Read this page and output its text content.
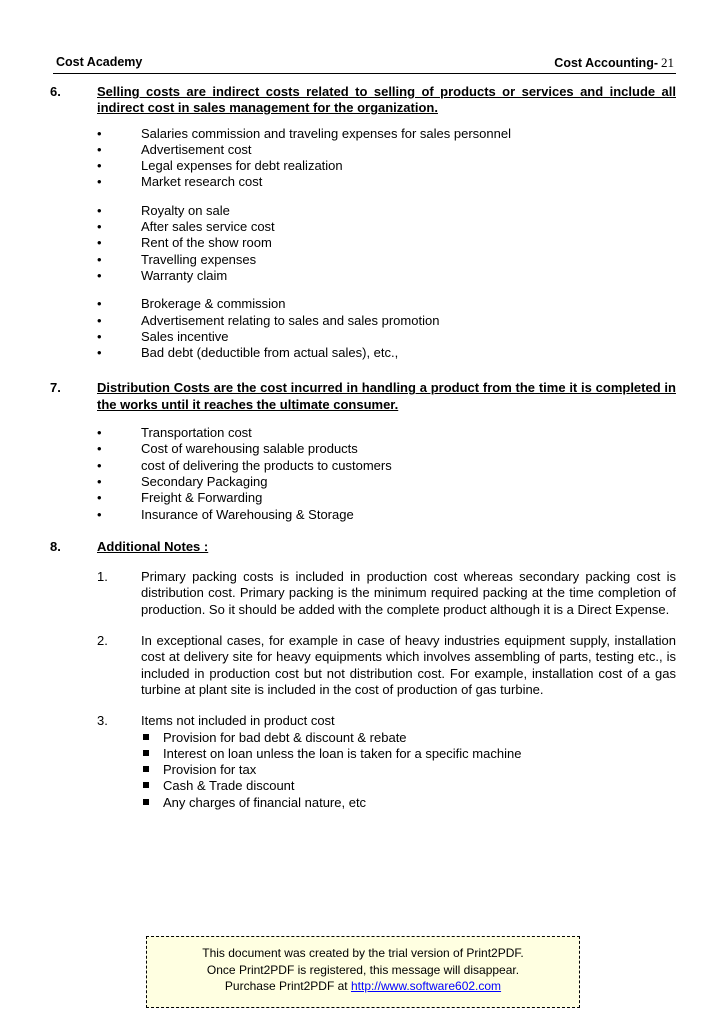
Cost Academy	Cost Accounting- 21
6.	Selling costs are indirect costs related to selling of products or services and include all indirect cost in sales management for the organization.
•	Salaries commission and traveling expenses for sales personnel
•	Advertisement cost
•	Legal expenses for debt realization
•	Market research cost
•	Royalty on sale
•	After sales service cost
•	Rent of the show room
•	Travelling expenses
•	Warranty claim
•	Brokerage & commission
•	Advertisement relating to sales and sales promotion
•	Sales incentive
•	Bad debt (deductible from actual sales), etc.,
7.	Distribution Costs are the cost incurred in handling a product from the time it is completed in the works until it reaches the ultimate consumer.
•	Transportation cost
•	Cost of warehousing salable products
•	cost of delivering the products to customers
•	Secondary Packaging
•	Freight & Forwarding
•	Insurance of Warehousing & Storage
8.	Additional Notes :
1.	Primary packing costs is included in production cost whereas secondary packing cost is distribution cost. Primary packing is the minimum required packing at the time completion of production. So it should be added with the complete product although it is a Direct Expense.
2.	In exceptional cases, for example in case of heavy industries equipment supply, installation cost at delivery site for heavy equipments which involves assembling of parts, testing etc., is included in production cost but not distribution cost. For example, installation cost of a gas turbine at plant site is included in the cost of production of gas turbine.
3.	Items not included in product cost
Provision for bad debt & discount & rebate
Interest on loan unless the loan is taken for a specific machine
Provision for tax
Cash & Trade discount
Any charges of financial nature, etc
This document was created by the trial version of Print2PDF.
Once Print2PDF is registered, this message will disappear.
Purchase Print2PDF at http://www.software602.com
